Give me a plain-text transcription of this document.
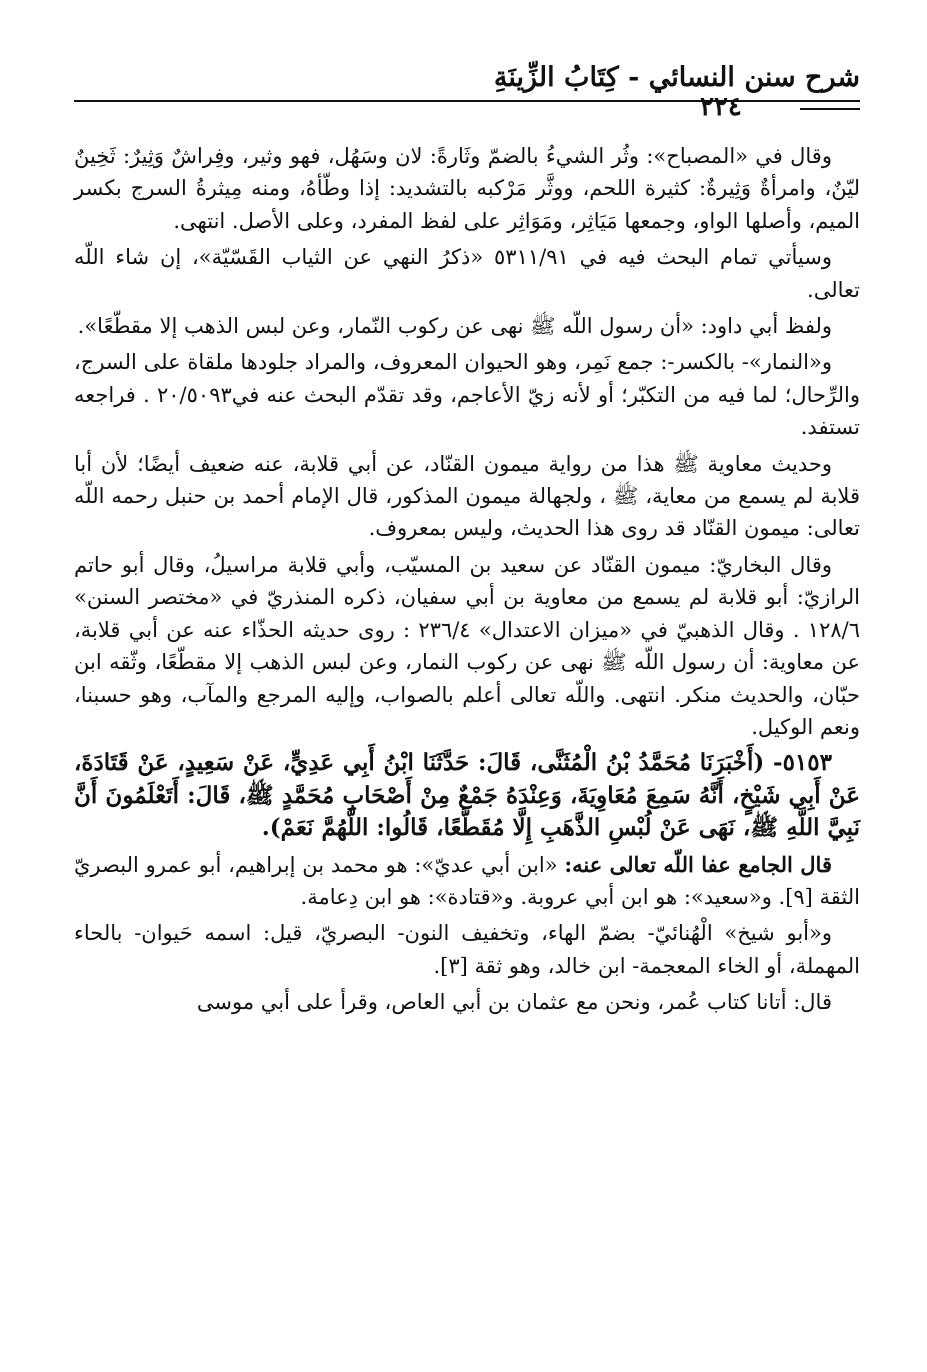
شرح سنن النسائي - كِتَابُ الزِّينَةِ
٢٢٤

وقال في «المصباح»: وثُر الشيءُ بالضمّ وثَارةً: لان وسَهُل، فهو وثير، وفِراشٌ وَثِيرٌ: ثَخِينٌ ليّنٌ، وامرأةٌ وَثِيرةٌ: كثيرة اللحم، ووثَّر مَرْكبه بالتشديد: إذا وطّأهُ، ومنه مِيثرةُ السرج بكسر الميم، وأصلها الواو، وجمعها مَيَاثِر، ومَوَاثِر على لفظ المفرد، وعلى الأصل. انتهى.

وسيأتي تمام البحث فيه في ٥٣١١/٩١ «ذكرُ النهي عن الثياب القَسّيّة»، إن شاء اللّه تعالى.

ولفظ أبي داود: «أن رسول اللّه ﷺ نهى عن ركوب النّمار، وعن لبس الذهب إلا مقطّعًا».

و«النمار»- بالكسر-: جمع نَمِر، وهو الحيوان المعروف، والمراد جلودها ملقاة على السرج، والرِّحال؛ لما فيه من التكبّر؛ أو لأنه زيّ الأعاجم، وقد تقدّم البحث عنه في٢٠/٥٠٩٣ . فراجعه تستفد.

وحديث معاوية ﷺ هذا من رواية ميمون القنّاد، عن أبي قلابة، عنه ضعيف أيضًا؛ لأن أبا قلابة لم يسمع من معاية، ﷺ ، ولجهالة ميمون المذكور، قال الإمام أحمد بن حنبل رحمه اللّه تعالى: ميمون القنّاد قد روى هذا الحديث، وليس بمعروف.

وقال البخاريّ: ميمون القنّاد عن سعيد بن المسيّب، وأبي قلابة مراسيلُ، وقال أبو حاتم الرازيّ: أبو قلابة لم يسمع من معاوية بن أبي سفيان، ذكره المنذريّ في «مختصر السنن» ١٢٨/٦ . وقال الذهبيّ في «ميزان الاعتدال» ٢٣٦/٤ : روى حديثه الحذّاء عنه عن أبي قلابة، عن معاوية: أن رسول اللّه ﷺ نهى عن ركوب النمار، وعن لبس الذهب إلا مقطّعًا، وثّقه ابن حبّان، والحديث منكر. انتهى. واللّه تعالى أعلم بالصواب، وإليه المرجع والمآب، وهو حسبنا، ونعم الوكيل.

٥١٥٣- (أَخْبَرَنَا مُحَمَّدُ بْنُ الْمُثَنَّى، قَالَ: حَدَّثَنَا ابْنُ أَبِي عَدِيٍّ، عَنْ سَعِيدٍ، عَنْ قَتَادَةَ، عَنْ أَبِي شَيْخٍ، أَنَّهُ سَمِعَ مُعَاوِيَةَ، وَعِنْدَهُ جَمْعٌ مِنْ أَصْحَابِ مُحَمَّدٍ ﷺ، قَالَ: أَتَعْلَمُونَ أَنَّ نَبِيَّ اللَّهِ ﷺ، نَهَى عَنْ لُبْسِ الذَّهَبِ إِلَّا مُقَطَّعًا، قَالُوا: اللَّهُمَّ نَعَمْ).

قال الجامع عفا اللّه تعالى عنه: «ابن أبي عديّ»: هو محمد بن إبراهيم، أبو عمرو البصريّ الثقة [٩]. و«سعيد»: هو ابن أبي عروبة. و«قتادة»: هو ابن دِعامة.

و«أبو شيخ» الْهُنائيّ- بضمّ الهاء، وتخفيف النون- البصريّ، قيل: اسمه حَيوان- بالحاء المهملة، أو الخاء المعجمة- ابن خالد، وهو ثقة [٣].

قال: أتانا كتاب عُمر، ونحن مع عثمان بن أبي العاص، وقرأ على أبي موسى
